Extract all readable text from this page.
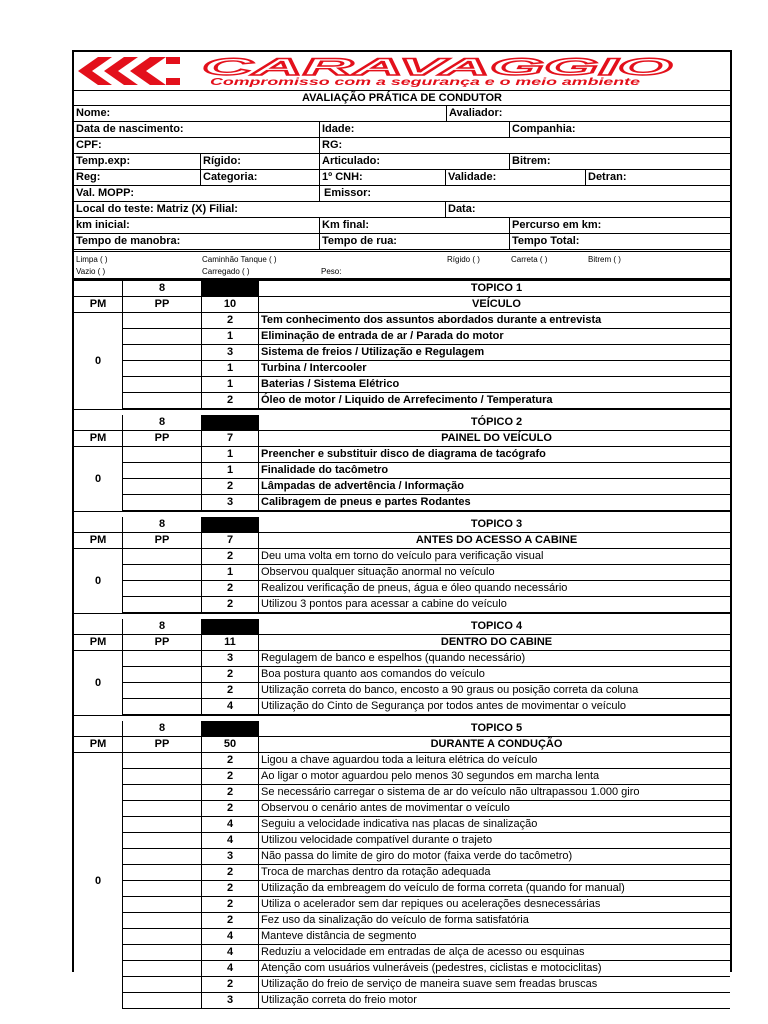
CARAVAGGIO
Compromisso com a segurança e o meio ambiente
AVALIAÇÃO PRÁTICA DE CONDUTOR
Nome:	Avaliador:
Data de nascimento:	Idade:	Companhia:
CPF:	RG:
Temp.exp:	Rígido:	Articulado:	Bitrem:
Reg:	Categoria:	1º CNH:	Validade:	Detran:
Val. MOPP:	Emissor:
Local do teste: Matriz (X) Filial:	Data:
km inicial:	Km final:	Percurso em km:
Tempo de manobra:	Tempo de rua:	Tempo Total:
Limpa ( )	Caminhão Tanque ( )	Rígido ( )	Carreta ( )	Bitrem ( )
Vazio ( )	Carregado ( )	Peso:
8	TOPICO 1
PM	PP	10	VEÍCULO
2	Tem conhecimento dos assuntos abordados durante a entrevista
1	Eliminação de entrada de ar / Parada do motor
3	Sistema de freios / Utilização e Regulagem
1	Turbina / Intercooler
1	Baterias / Sistema Elétrico
2	Óleo de motor / Liquido de Arrefecimento / Temperatura
0
8	TÓPICO 2
PM	PP	7	PAINEL DO VEÍCULO
1	Preencher e substituir disco de diagrama de tacógrafo
1	Finalidade do tacômetro
2	Lâmpadas de advertência / Informação
3	Calibragem de pneus e partes Rodantes
0
8	TOPICO 3
PM	PP	7	ANTES DO ACESSO A CABINE
2	Deu uma volta em torno do veículo para verificação visual
1	Observou qualquer situação anormal no veículo
2	Realizou verificação de pneus, água e óleo quando necessário
2	Utilizou 3 pontos para acessar a cabine do veículo
0
8	TOPICO 4
PM	PP	11	DENTRO DO CABINE
3	Regulagem de banco e espelhos (quando necessário)
2	Boa postura quanto aos comandos do veículo
2	Utilização correta do banco, encosto a 90 graus ou posição correta da coluna
4	Utilização do Cinto de Segurança por todos antes de movimentar o veículo
0
8	TOPICO 5
PM	PP	50	DURANTE A CONDUÇÃO
2	Ligou a chave aguardou toda a leitura elétrica do veículo
2	Ao ligar o motor aguardou pelo menos 30 segundos em marcha lenta
2	Se necessário carregar o sistema de ar do veículo não ultrapassou 1.000 giro
2	Observou o cenário antes de movimentar o veículo
4	Seguiu a velocidade indicativa nas placas de sinalização
4	Utilizou velocidade compatível durante o trajeto
3	Não passa do limite de giro do motor (faixa verde do tacômetro)
2	Troca de marchas dentro da rotação adequada
2	Utilização da embreagem do veículo de forma correta (quando for manual)
2	Utiliza o acelerador sem dar repiques ou acelerações desnecessárias
2	Fez uso da sinalização do veículo de forma satisfatória
4	Manteve distância de segmento
4	Reduziu a velocidade em entradas de alça de acesso ou esquinas
4	Atenção com usuários vulneráveis (pedestres, ciclistas e motociclitas)
2	Utilização do freio de serviço de maneira suave sem freadas bruscas
3	Utilização correta do freio motor
0
